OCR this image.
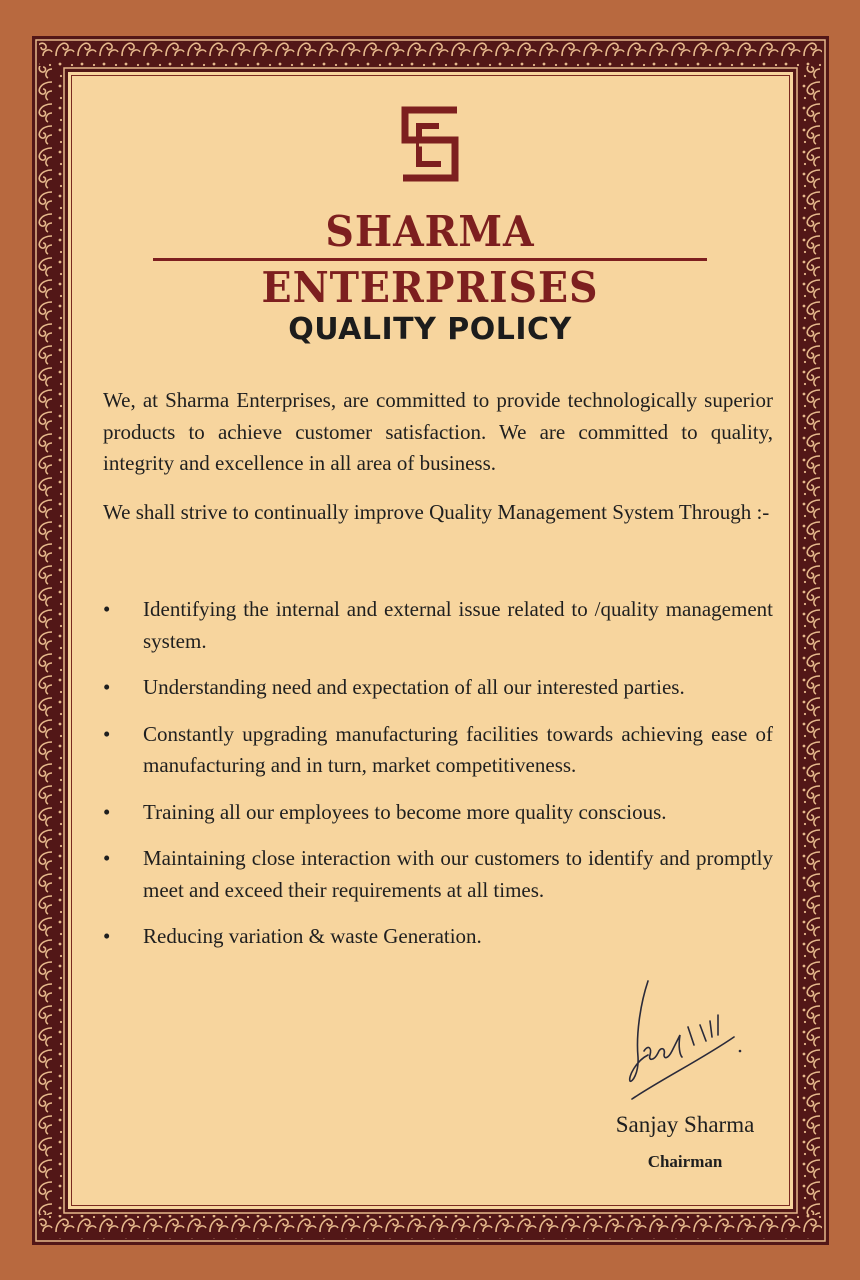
SHARMA ENTERPRISES
QUALITY POLICY

We, at Sharma Enterprises, are committed to provide technologically superior products to achieve customer satisfaction. We are committed to quality, integrity and excellence in all area of business.

We shall strive to continually improve Quality Management System Through :-

•	Identifying the internal and external issue related to /quality management system.
•	Understanding need and expectation of all our interested parties.
•	Constantly upgrading manufacturing facilities towards achieving ease of manufacturing and in turn, market competitiveness.
•	Training all our employees to become more quality conscious.
•	Maintaining close interaction with our customers to identify and promptly meet and exceed their requirements at all times.
•	Reducing variation & waste Generation.
Sanjay Sharma
Chairman
